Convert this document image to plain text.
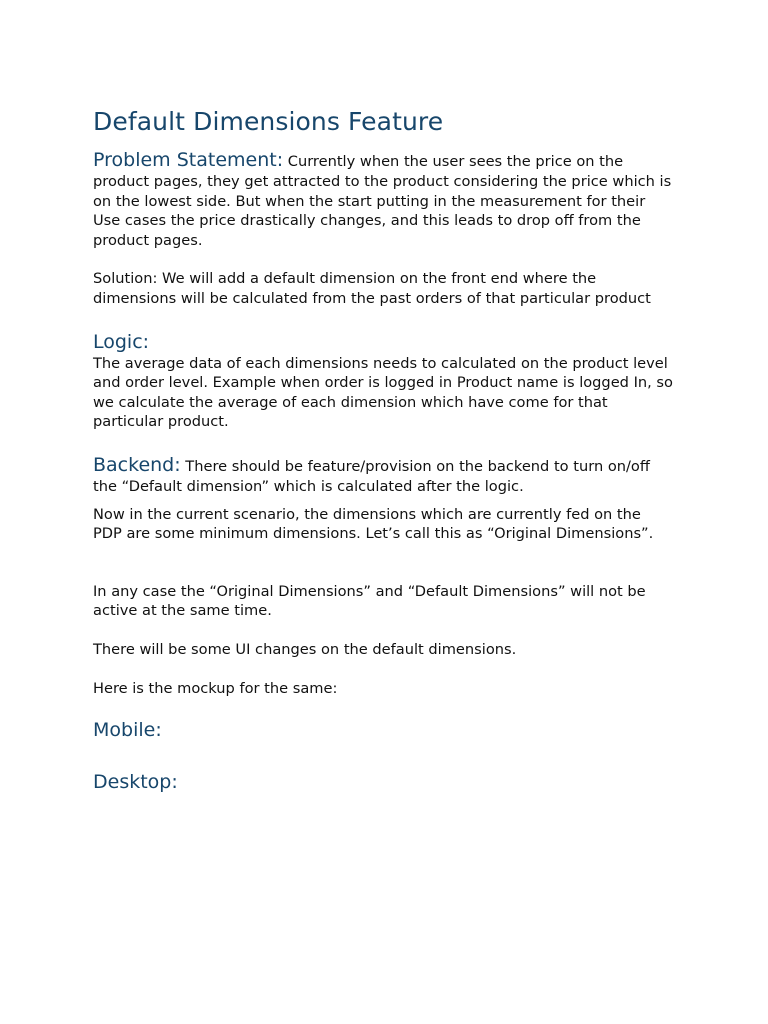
Default Dimensions Feature

Problem Statement: Currently when the user sees the price on the product pages, they get attracted to the product considering the price which is on the lowest side. But when the start putting in the measurement for their Use cases the price drastically changes, and this leads to drop off from the product pages.

Solution: We will add a default dimension on the front end where the dimensions will be calculated from the past orders of that particular product

Logic:

The average data of each dimensions needs to calculated on the product level and order level. Example when order is logged in Product name is logged In, so we calculate the average of each dimension which have come for that particular product.

Backend: There should be feature/provision on the backend to turn on/off the “Default dimension” which is calculated after the logic.

Now in the current scenario, the dimensions which are currently fed on the PDP are some minimum dimensions. Let’s call this as “Original Dimensions”.

In any case the “Original Dimensions” and “Default Dimensions” will not be active at the same time.

There will be some UI changes on the default dimensions.

Here is the mockup for the same:

Mobile:
Desktop:
